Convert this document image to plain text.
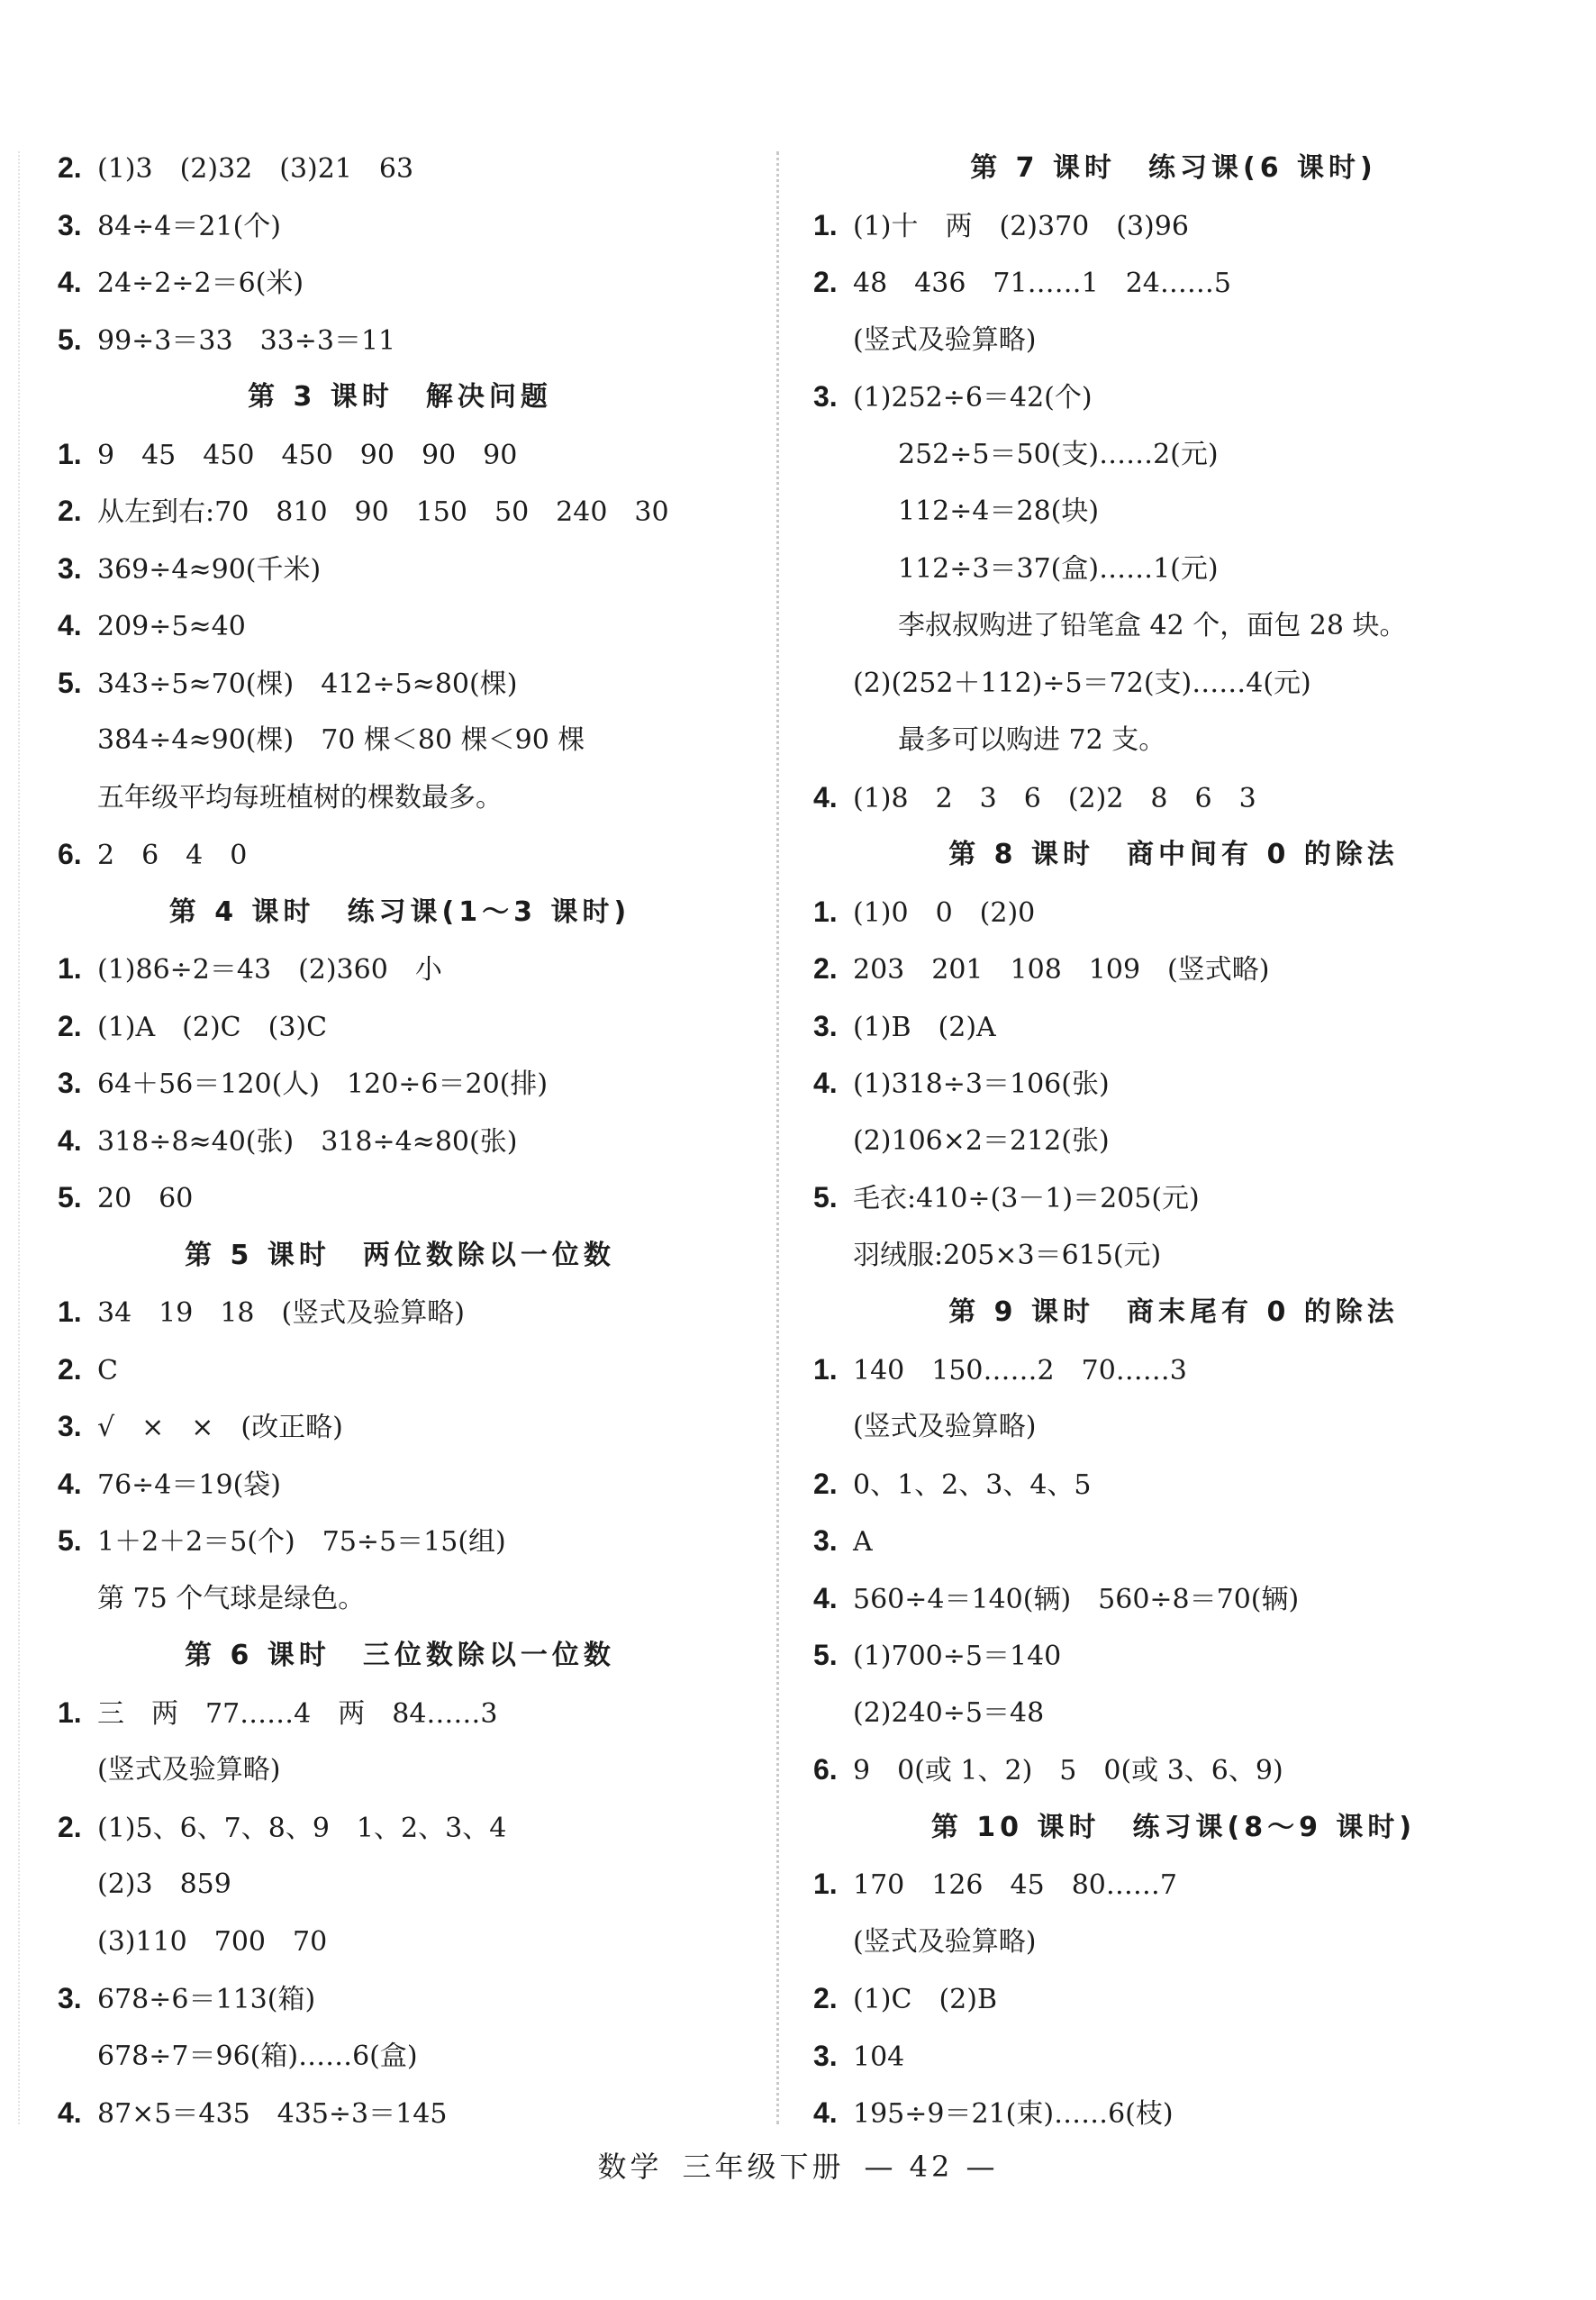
2. (1)3　(2)32　(3)21　63
3. 84÷4＝21(个)
4. 24÷2÷2＝6(米)
5. 99÷3＝33　33÷3＝11
第 3 课时 解决问题
1. 9　45　450　450　90　90　90
2. 从左到右:70　810　90　150　50　240　30
3. 369÷4≈90(千米)
4. 209÷5≈40
5. 343÷5≈70(棵)　412÷5≈80(棵)
384÷4≈90(棵)　70 棵＜80 棵＜90 棵
五年级平均每班植树的棵数最多。
6. 2　6　4　0
第 4 课时 练习课(1～3 课时)
1. (1)86÷2＝43　(2)360　小
2. (1)A　(2)C　(3)C
3. 64＋56＝120(人)　120÷6＝20(排)
4. 318÷8≈40(张)　318÷4≈80(张)
5. 20　60
第 5 课时 两位数除以一位数
1. 34　19　18　(竖式及验算略)
2. C
3. √　×　×　(改正略)
4. 76÷4＝19(袋)
5. 1＋2＋2＝5(个)　75÷5＝15(组)
第 75 个气球是绿色。
第 6 课时 三位数除以一位数
1. 三　两　77……4　两　84……3
(竖式及验算略)
2. (1)5、6、7、8、9　1、2、3、4
(2)3　859
(3)110　700　70
3. 678÷6＝113(箱)
678÷7＝96(箱)……6(盒)
4. 87×5＝435　435÷3＝145
第 7 课时 练习课(6 课时)
1. (1)十　两　(2)370　(3)96
2. 48　436　71……1　24……5
(竖式及验算略)
3. (1)252÷6＝42(个)
252÷5＝50(支)……2(元)
112÷4＝28(块)
112÷3＝37(盒)……1(元)
李叔叔购进了铅笔盒 42 个，面包 28 块。
(2)(252＋112)÷5＝72(支)……4(元)
最多可以购进 72 支。
4. (1)8　2　3　6　(2)2　8　6　3
第 8 课时 商中间有 0 的除法
1. (1)0　0　(2)0
2. 203　201　108　109　(竖式略)
3. (1)B　(2)A
4. (1)318÷3＝106(张)
(2)106×2＝212(张)
5. 毛衣:410÷(3－1)＝205(元)
羽绒服:205×3＝615(元)
第 9 课时 商末尾有 0 的除法
1. 140　150……2　70……3
(竖式及验算略)
2. 0、1、2、3、4、5
3. A
4. 560÷4＝140(辆)　560÷8＝70(辆)
5. (1)700÷5＝140
(2)240÷5＝48
6. 9　0(或 1、2)　5　0(或 3、6、9)
第 10 课时 练习课(8～9 课时)
1. 170　126　45　80……7
(竖式及验算略)
2. (1)C　(2)B
3. 104
4. 195÷9＝21(束)……6(枝)
数学 三年级下册 — 42 —
